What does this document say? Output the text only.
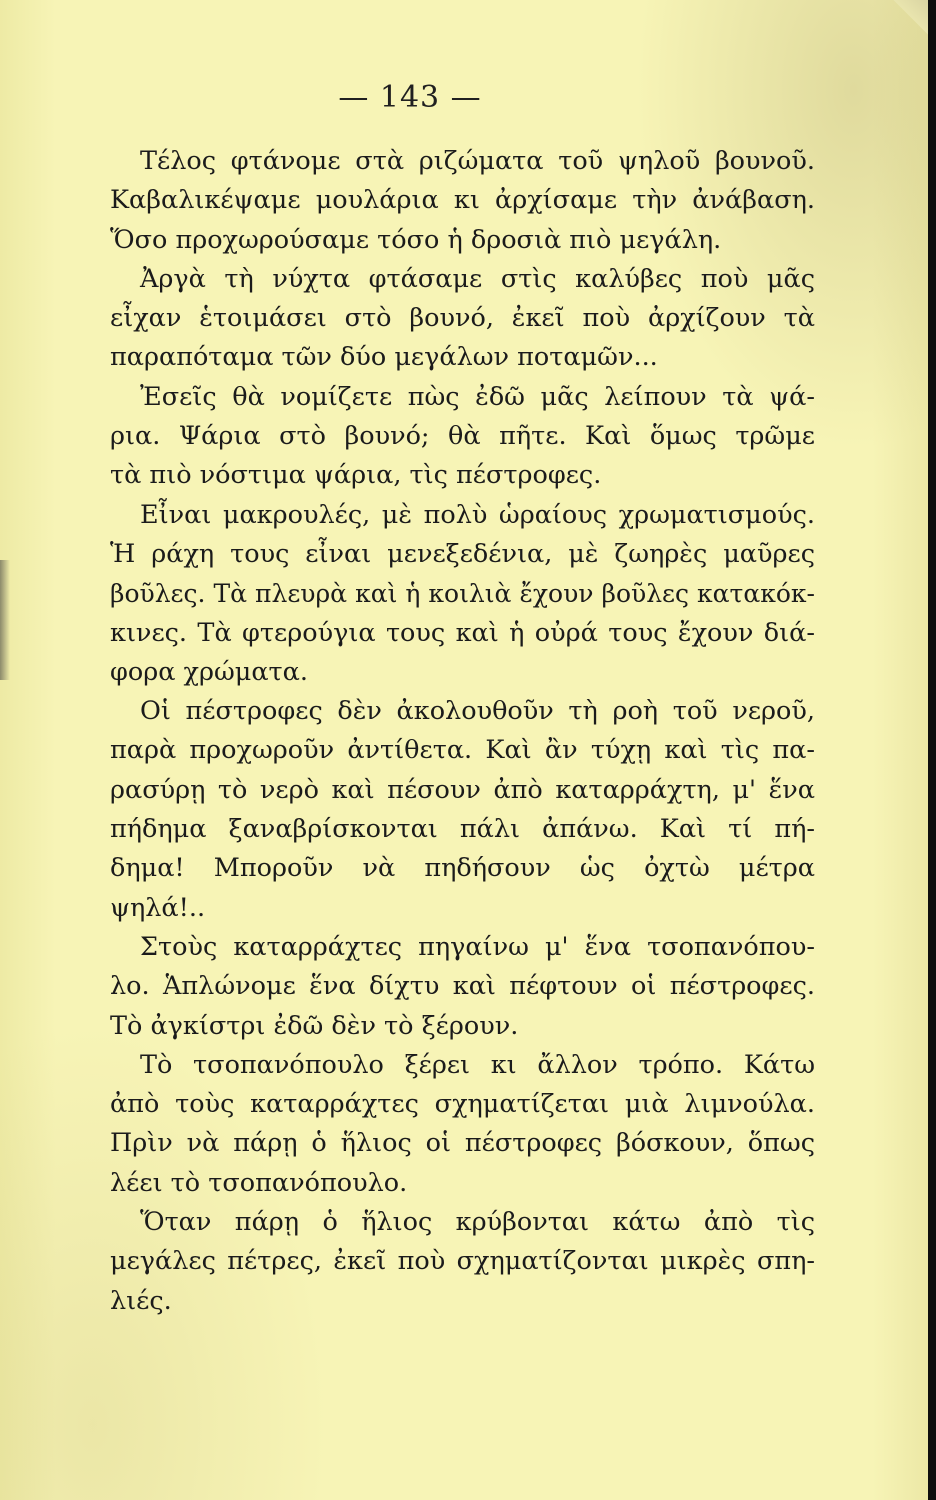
— 143 —
Τέλος φτάνομε στὰ ριζώματα τοῦ ψηλοῦ βουνοῦ.
Καβαλικέψαμε μουλάρια κι ἀρχίσαμε τὴν ἀνάβαση.
Ὅσο προχωρούσαμε τόσο ἡ δροσιὰ πιὸ μεγάλη.
Ἀργὰ τὴ νύχτα φτάσαμε στὶς καλύβες ποὺ μᾶς
εἶχαν ἑτοιμάσει στὸ βουνό, ἐκεῖ ποὺ ἀρχίζουν τὰ
παραπόταμα τῶν δύο μεγάλων ποταμῶν...
Ἐσεῖς θὰ νομίζετε πὼς ἐδῶ μᾶς λείπουν τὰ ψά-
ρια. Ψάρια στὸ βουνό; θὰ πῆτε. Καὶ ὅμως τρῶμε
τὰ πιὸ νόστιμα ψάρια, τὶς πέστροφες.
Εἶναι μακρουλές, μὲ πολὺ ὡραίους χρωματισμούς.
Ἡ ράχη τους εἶναι μενεξεδένια, μὲ ζωηρὲς μαῦρες
βοῦλες. Τὰ πλευρὰ καὶ ἡ κοιλιὰ ἔχουν βοῦλες κατακόκ-
κινες. Τὰ φτερούγια τους καὶ ἡ οὐρά τους ἔχουν διά-
φορα χρώματα.
Οἱ πέστροφες δὲν ἀκολουθοῦν τὴ ροὴ τοῦ νεροῦ,
παρὰ προχωροῦν ἀντίθετα. Καὶ ἂν τύχῃ καὶ τὶς πα-
ρασύρῃ τὸ νερὸ καὶ πέσουν ἀπὸ καταρράχτη, μ' ἕνα
πήδημα ξαναβρίσκονται πάλι ἀπάνω. Καὶ τί πή-
δημα! Μποροῦν νὰ πηδήσουν ὡς ὀχτὼ μέτρα
ψηλά!..
Στοὺς καταρράχτες πηγαίνω μ' ἕνα τσοπανόπου-
λο. Ἁπλώνομε ἕνα δίχτυ καὶ πέφτουν οἱ πέστροφες.
Τὸ ἀγκίστρι ἐδῶ δὲν τὸ ξέρουν.
Τὸ τσοπανόπουλο ξέρει κι ἄλλον τρόπο. Κάτω
ἀπὸ τοὺς καταρράχτες σχηματίζεται μιὰ λιμνούλα.
Πρὶν νὰ πάρῃ ὁ ἥλιος οἱ πέστροφες βόσκουν, ὅπως
λέει τὸ τσοπανόπουλο.
Ὅταν πάρῃ ὁ ἥλιος κρύβονται κάτω ἀπὸ τὶς
μεγάλες πέτρες, ἐκεῖ ποὺ σχηματίζονται μικρὲς σπη-
λιές.
